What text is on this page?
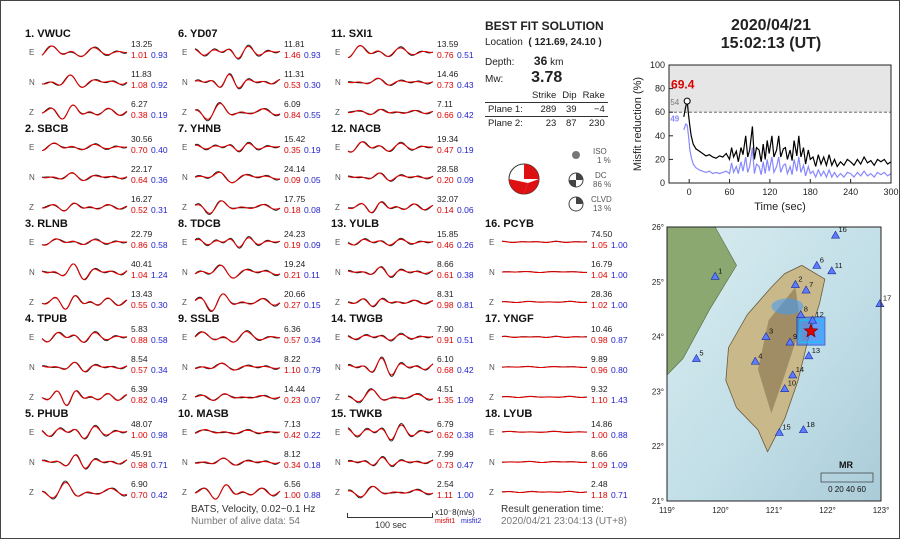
1. VWUC
E
13.25
1.01 0.93
N
11.83
1.08 0.92
Z
6.27
0.38 0.19
2. SBCB
E
30.56
0.70 0.40
N
22.17
0.64 0.36
Z
16.27
0.52 0.31
3. RLNB
E
22.79
0.86 0.58
N
40.41
1.04 1.24
Z
13.43
0.55 0.30
4. TPUB
E
5.83
0.88 0.58
N
8.54
0.57 0.34
Z
6.39
0.82 0.49
5. PHUB
E
48.07
1.00 0.98
N
45.91
0.98 0.71
Z
6.90
0.70 0.42
6. YD07
E
11.81
1.46 0.93
N
11.31
0.53 0.30
Z
6.09
0.84 0.55
7. YHNB
E
15.42
0.35 0.19
N
24.14
0.09 0.05
Z
17.75
0.18 0.08
8. TDCB
E
24.23
0.19 0.09
N
19.24
0.21 0.11
Z
20.66
0.27 0.15
9. SSLB
E
6.36
0.57 0.34
N
8.22
1.10 0.79
Z
14.44
0.23 0.07
10. MASB
E
7.13
0.42 0.22
N
8.12
0.34 0.18
Z
6.56
1.00 0.88
11. SXI1
E
13.59
0.76 0.51
N
14.46
0.73 0.43
Z
7.11
0.66 0.42
12. NACB
E
19.34
0.47 0.19
N
28.58
0.20 0.09
Z
32.07
0.14 0.06
13. YULB
E
15.85
0.46 0.26
N
8.66
0.61 0.38
Z
8.31
0.98 0.81
14. TWGB
E
7.90
0.91 0.51
N
6.10
0.68 0.42
Z
4.51
1.35 1.09
15. TWKB
E
6.79
0.62 0.38
N
7.99
0.73 0.47
Z
2.54
1.11 1.00
16. PCYB
E
74.50
1.05 1.00
N
16.79
1.04 1.00
Z
28.36
1.02 1.00
17. YNGF
E
10.46
0.98 0.87
N
9.89
0.96 0.80
Z
9.32
1.10 1.43
18. LYUB
E
14.86
1.00 0.88
N
8.66
1.09 1.09
Z
2.48
1.18 0.71
BATS, Velocity, 0.02~0.1 Hz
Number of alive data: 54	100 sec
x10⁻8(m/s)
misfit1 misfit2
Result generation time:
2020/04/21 23:04:13 (UT+8)
BEST FIT SOLUTION
Location ( 121.69, 24.10 )
Depth: 36 km
Mw: 3.78
	Strike	Dip	Rake
Plane 1:	289	39	−4
Plane 2:	23	87	230
ISO
1 %
DC
86 %
CLVD
13 %
2020/04/21
15:02:13 (UT)
69.4
54
49
0
20
40
60
80
100
0	60	120	180	240	300
Time (sec)
Misfit reduction (%)
1
2
3
4
5
6
7
8
9
10
11
12
13
14
15
16
17
18
119°	120°	121°	122°	123°
26°
25°
24°
23°
22°
21°
MR
0 20 40 60
